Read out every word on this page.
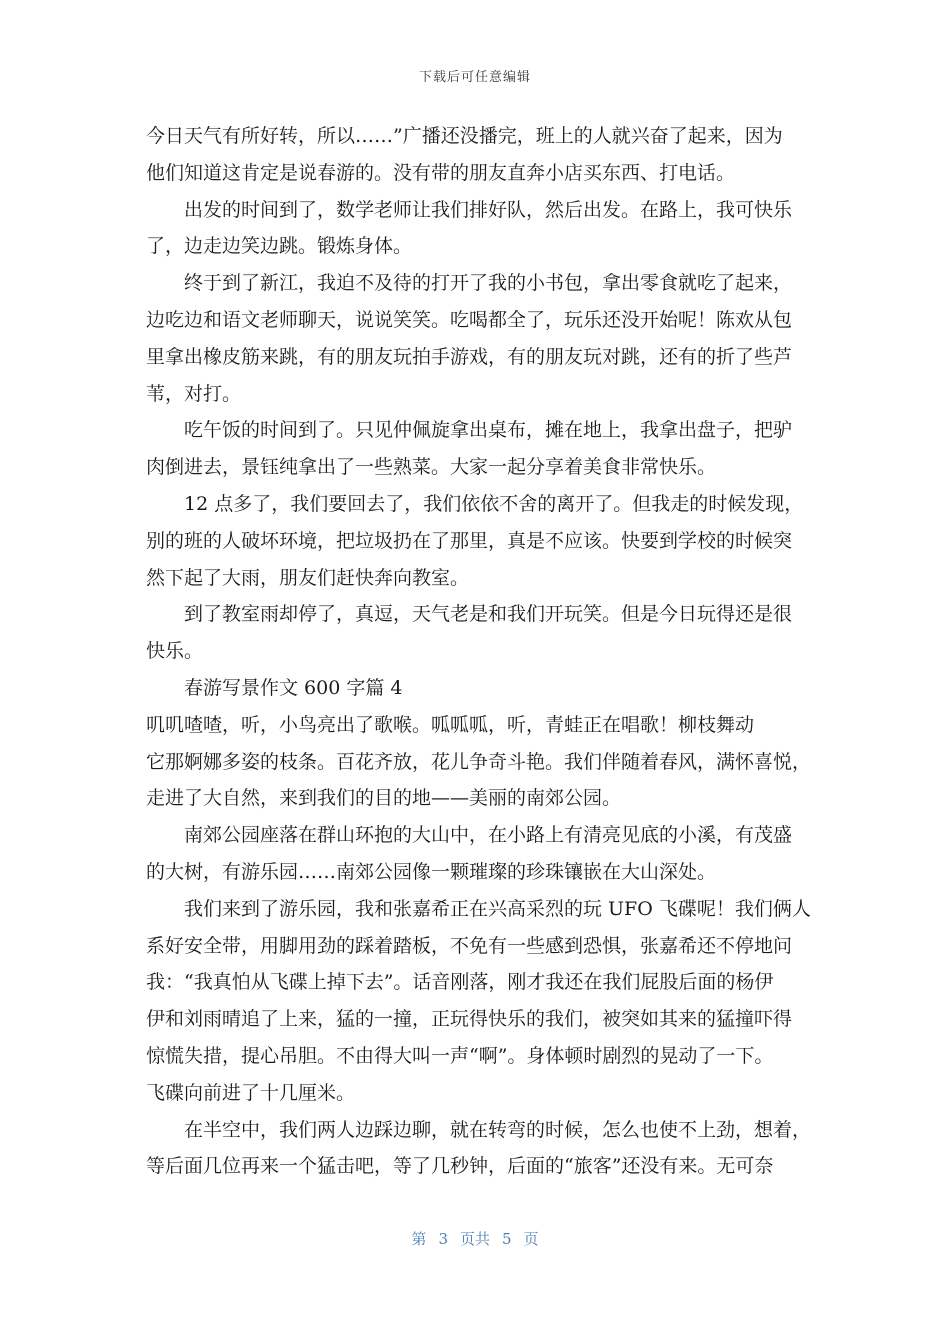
下载后可任意编辑
今日天气有所好转，所以……”广播还没播完，班上的人就兴奋了起来，因为
他们知道这肯定是说春游的。没有带的朋友直奔小店买东西、打电话。
出发的时间到了，数学老师让我们排好队，然后出发。在路上，我可快乐
了，边走边笑边跳。锻炼身体。
终于到了新江，我迫不及待的打开了我的小书包，拿出零食就吃了起来，
边吃边和语文老师聊天，说说笑笑。吃喝都全了，玩乐还没开始呢！陈欢从包
里拿出橡皮筋来跳，有的朋友玩拍手游戏，有的朋友玩对跳，还有的折了些芦
苇，对打。
吃午饭的时间到了。只见仲佩旋拿出桌布，摊在地上，我拿出盘子，把驴
肉倒进去，景钰纯拿出了一些熟菜。大家一起分享着美食非常快乐。
12 点多了，我们要回去了，我们依依不舍的离开了。但我走的时候发现，
别的班的人破坏环境，把垃圾扔在了那里，真是不应该。快要到学校的时候突
然下起了大雨，朋友们赶快奔向教室。
到了教室雨却停了，真逗，天气老是和我们开玩笑。但是今日玩得还是很
快乐。
春游写景作文 600 字篇 4
叽叽喳喳，听，小鸟亮出了歌喉。呱呱呱，听，青蛙正在唱歌！柳枝舞动
它那婀娜多姿的枝条。百花齐放，花儿争奇斗艳。我们伴随着春风，满怀喜悦，
走进了大自然，来到我们的目的地——美丽的南郊公园。
南郊公园座落在群山环抱的大山中，在小路上有清亮见底的小溪，有茂盛
的大树，有游乐园……南郊公园像一颗璀璨的珍珠镶嵌在大山深处。
我们来到了游乐园，我和张嘉希正在兴高采烈的玩 UFO 飞碟呢！我们俩人
系好安全带，用脚用劲的踩着踏板，不免有一些感到恐惧，张嘉希还不停地问
我：“我真怕从飞碟上掉下去”。话音刚落，刚才我还在我们屁股后面的杨伊
伊和刘雨晴追了上来，猛的一撞，正玩得快乐的我们，被突如其来的猛撞吓得
惊慌失措，提心吊胆。不由得大叫一声“啊”。身体顿时剧烈的晃动了一下。
飞碟向前进了十几厘米。
在半空中，我们两人边踩边聊，就在转弯的时候，怎么也使不上劲，想着，
等后面几位再来一个猛击吧，等了几秒钟，后面的“旅客”还没有来。无可奈
第 3 页共 5 页
